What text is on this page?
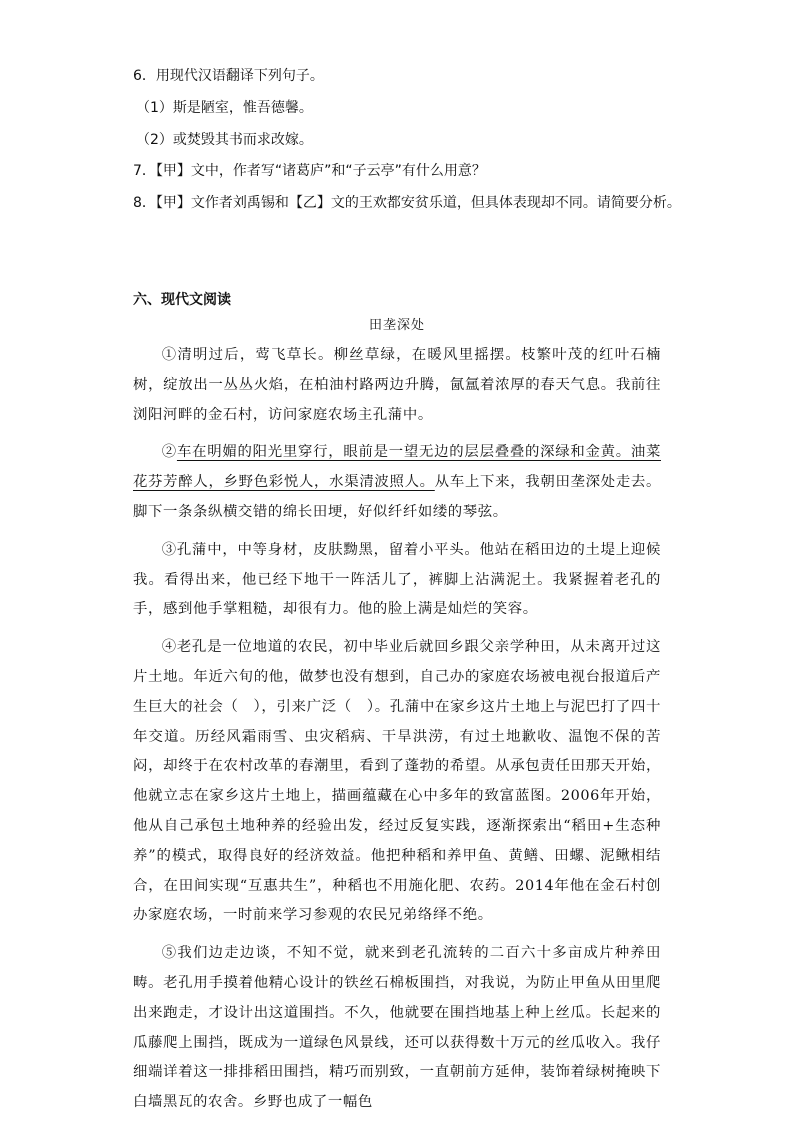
6．用现代汉语翻译下列句子。
（1）斯是陋室，惟吾德馨。
（2）或焚毁其书而求改嫁。
7．【甲】文中，作者写“诸葛庐”和“子云亭”有什么用意？
8．【甲】文作者刘禹锡和【乙】文的王欢都安贫乐道，但具体表现却不同。请简要分析。
六、现代文阅读
田垄深处

①清明过后，莺飞草长。柳丝草绿，在暖风里摇摆。枝繁叶茂的红叶石楠树，绽放出一丛丛火焰，在柏油村路两边升腾，氤氲着浓厚的春天气息。我前往浏阳河畔的金石村，访问家庭农场主孔蒲中。

②车在明媚的阳光里穿行，眼前是一望无边的层层叠叠的深绿和金黄。油菜花芬芳醉人，乡野色彩悦人，水渠清波照人。从车上下来，我朝田垄深处走去。脚下一条条纵横交错的绵长田埂，好似纤纤如缕的琴弦。

③孔蒲中，中等身材，皮肤黝黑，留着小平头。他站在稻田边的土堤上迎候我。看得出来，他已经下地干一阵活儿了，裤脚上沾满泥土。我紧握着老孔的手，感到他手掌粗糙，却很有力。他的脸上满是灿烂的笑容。

④老孔是一位地道的农民，初中毕业后就回乡跟父亲学种田，从未离开过这片土地。年近六旬的他，做梦也没有想到，自己办的家庭农场被电视台报道后产生巨大的社会（　），引来广泛（　）。孔蒲中在家乡这片土地上与泥巴打了四十年交道。历经风霜雨雪、虫灾稻病、干旱洪涝，有过土地歉收、温饱不保的苦闷，却终于在农村改革的春潮里，看到了蓬勃的希望。从承包责任田那天开始，他就立志在家乡这片土地上，描画蕴藏在心中多年的致富蓝图。2006年开始，他从自己承包土地种养的经验出发，经过反复实践，逐渐探索出“稻田+生态种养”的模式，取得良好的经济效益。他把种稻和养甲鱼、黄鳝、田螺、泥鳅相结合，在田间实现“互惠共生”，种稻也不用施化肥、农药。2014年他在金石村创办家庭农场，一时前来学习参观的农民兄弟络绎不绝。

⑤我们边走边谈，不知不觉，就来到老孔流转的二百六十多亩成片种养田畴。老孔用手摸着他精心设计的铁丝石棉板围挡，对我说，为防止甲鱼从田里爬出来跑走，才设计出这道围挡。不久，他就要在围挡地基上种上丝瓜。长起来的瓜藤爬上围挡，既成为一道绿色风景线，还可以获得数十万元的丝瓜收入。我仔细端详着这一排排稻田围挡，精巧而别致，一直朝前方延伸，装饰着绿树掩映下白墙黑瓦的农舍。乡野也成了一幅色
